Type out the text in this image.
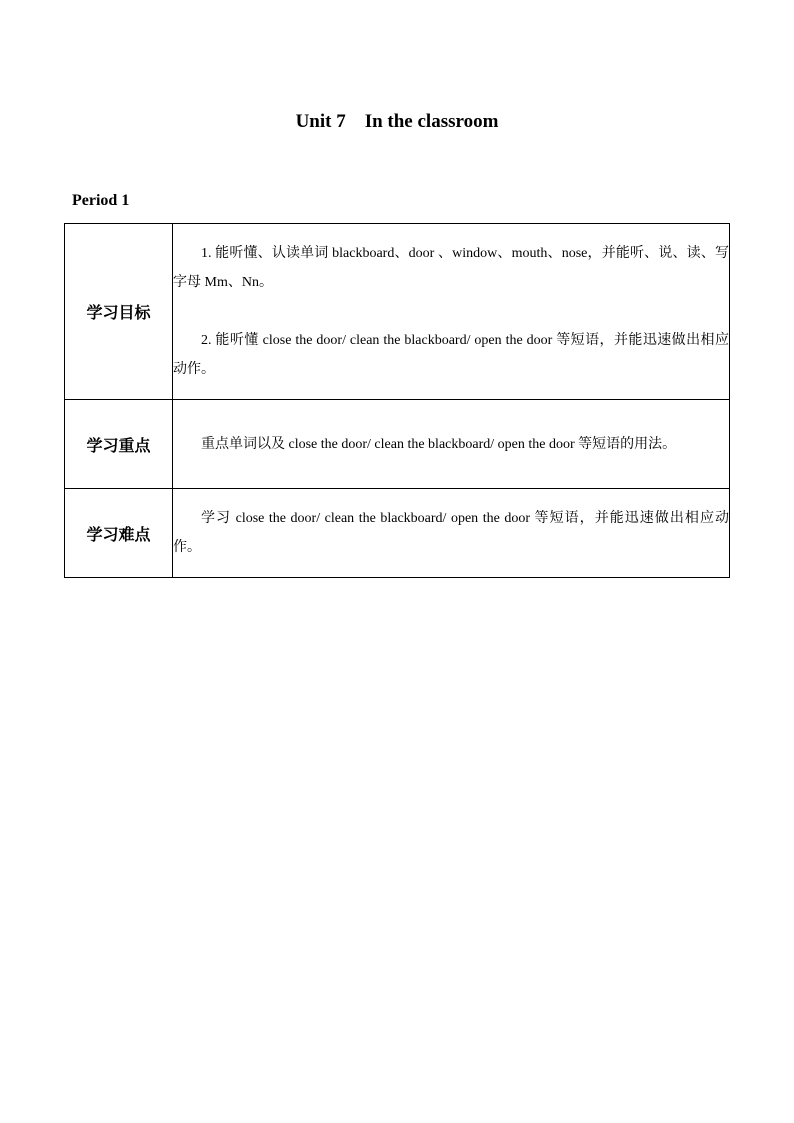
Unit 7　In the classroom

Period 1

学习目标	1. 能听懂、认读单词 blackboard、door 、window、mouth、nose，并能听、说、读、写字母 Mm、Nn。

2. 能听懂 close the door/ clean the blackboard/ open the door 等短语，并能迅速做出相应动作。

学习重点	重点单词以及 close the door/ clean the blackboard/ open the door 等短语的用法。

学习难点	学习 close the door/ clean the blackboard/ open the door 等短语，并能迅速做出相应动作。
